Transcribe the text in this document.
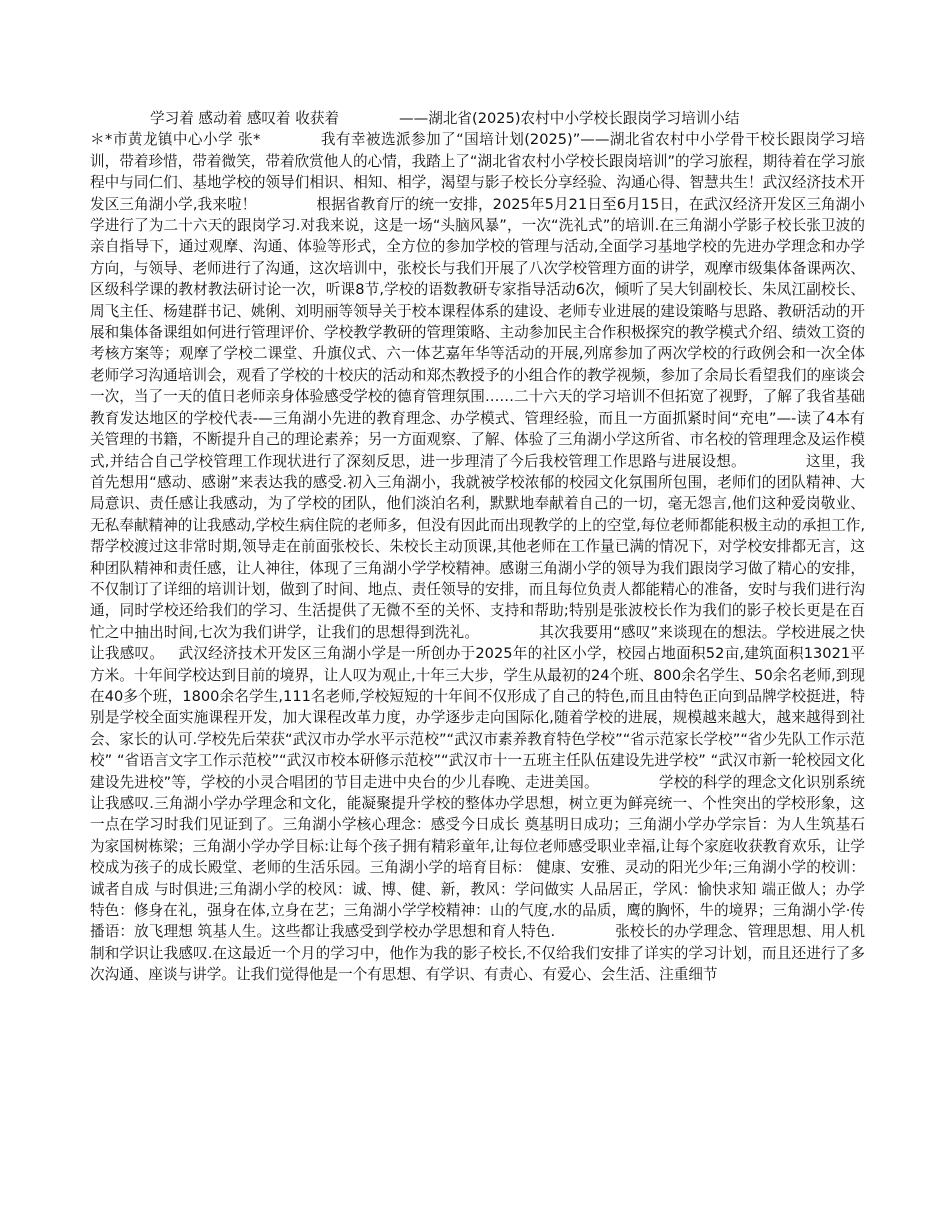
学习着 感动着 感叹着 收获着	——湖北省(2025)农村中小学校长跟岗学习培训小结
＊*市黄龙镇中心小学 张*	我有幸被选派参加了“国培计划(2025)”——湖北省农村中小学骨干校长跟岗学习培训，带着珍惜，带着微笑，带着欣赏他人的心情，我踏上了“湖北省农村小学校长跟岗培训”的学习旅程，期待着在学习旅程中与同仁们、基地学校的领导们相识、相知、相学，渴望与影子校长分享经验、沟通心得、智慧共生！武汉经济技术开发区三角湖小学,我来啦！	根据省教育厅的统一安排，2025年5月21日至6月15日，在武汉经济开发区三角湖小学进行了为二十六天的跟岗学习.对我来说，这是一场“头脑风暴”，一次“洗礼式”的培训.在三角湖小学影子校长张卫波的亲自指导下，通过观摩、沟通、体验等形式，全方位的参加学校的管理与活动,全面学习基地学校的先进办学理念和办学方向，与领导、老师进行了沟通，这次培训中，张校长与我们开展了八次学校管理方面的讲学，观摩市级集体备课两次、区级科学课的教材教法研讨论一次，听课8节,学校的语数教研专家指导活动6次，倾听了吴大钊副校长、朱凤江副校长、周飞主任、杨建群书记、姚俐、刘明丽等领导关于校本课程体系的建设、老师专业进展的建设策略与思路、教研活动的开展和集体备课组如何进行管理评价、学校教学教研的管理策略、主动参加民主合作积极探究的教学模式介绍、绩效工资的考核方案等；观摩了学校二课堂、升旗仪式、六一体艺嘉年华等活动的开展,列席参加了两次学校的行政例会和一次全体老师学习沟通培训会，观看了学校的十校庆的活动和郑杰教授予的小组合作的教学视频，参加了余局长看望我们的座谈会一次，当了一天的值日老师亲身体验感受学校的德育管理氛围……二十六天的学习培训不但拓宽了视野，了解了我省基础教育发达地区的学校代表-—三角湖小先进的教育理念、办学模式、管理经验，而且一方面抓紧时间“充电”—-读了4本有关管理的书籍，不断提升自己的理论素养；另一方面观察、了解、体验了三角湖小学这所省、市名校的管理理念及运作模式,并结合自己学校管理工作现状进行了深刻反思，进一步理清了今后我校管理工作思路与进展设想。	这里，我首先想用“感动、感谢”来表达我的感受.初入三角湖小，我就被学校浓郁的校园文化氛围所包围，老师们的团队精神、大局意识、责任感让我感动，为了学校的团队，他们淡泊名利，默默地奉献着自己的一切，毫无怨言,他们这种爱岗敬业、无私奉献精神的让我感动,学校生病住院的老师多，但没有因此而出现教学的上的空堂,每位老师都能积极主动的承担工作,帮学校渡过这非常时期,领导走在前面张校长、朱校长主动顶课,其他老师在工作量已满的情况下，对学校安排都无言，这种团队精神和责任感，让人神往，体现了三角湖小学学校精神。感谢三角湖小学的领导为我们跟岗学习做了精心的安排，不仅制订了详细的培训计划，做到了时间、地点、责任领导的安排，而且每位负责人都能精心的准备，安时与我们进行沟通，同时学校还给我们的学习、生活提供了无微不至的关怀、支持和帮助;特别是张波校长作为我们的影子校长更是在百忙之中抽出时间,七次为我们讲学，让我们的思想得到洗礼。	其次我要用“感叹”来谈现在的想法。学校进展之快让我感叹。 武汉经济技术开发区三角湖小学是一所创办于2025年的社区小学，校园占地面积52亩,建筑面积13021平方米。十年间学校达到目前的境界，让人叹为观止,十年三大步，学生从最初的24个班、800余名学生、50余名老师,到现在40多个班，1800余名学生,111名老师,学校短短的十年间不仅形成了自己的特色,而且由特色正向到品牌学校挺进，特别是学校全面实施课程开发，加大课程改革力度，办学逐步走向国际化,随着学校的进展，规模越来越大，越来越得到社会、家长的认可.学校先后荣获“武汉市办学水平示范校”“武汉市素养教育特色学校”“省示范家长学校”“省少先队工作示范校” “省语言文字工作示范校”“武汉市校本研修示范校”“武汉市十一五班主任队伍建设先进学校” “武汉市新一轮校园文化建设先进校”等，学校的小灵合唱团的节目走进中央台的少儿春晚、走进美国。	学校的科学的理念文化识别系统让我感叹.三角湖小学办学理念和文化，能凝聚提升学校的整体办学思想，树立更为鲜亮统一、个性突出的学校形象，这一点在学习时我们见证到了。三角湖小学核心理念：感受今日成长 奠基明日成功；三角湖小学办学宗旨：为人生筑基石 为家国树栋梁；三角湖小学办学目标:让每个孩子拥有精彩童年,让每位老师感受职业幸福,让每个家庭收获教育欢乐，让学校成为孩子的成长殿堂、老师的生活乐园。三角湖小学的培育目标： 健康、安雅、灵动的阳光少年;三角湖小学的校训：诚者自成 与时俱进;三角湖小学的校风：诚、博、健、新，教风：学问做实 人品居正，学风：愉快求知 端正做人；办学特色：修身在礼，强身在体,立身在艺；三角湖小学学校精神：山的气度,水的品质，鹰的胸怀，牛的境界；三角湖小学·传播语：放飞理想 筑基人生。这些都让我感受到学校办学思想和育人特色.	张校长的办学理念、管理思想、用人机制和学识让我感叹.在这最近一个月的学习中，他作为我的影子校长,不仅给我们安排了详实的学习计划，而且还进行了多次沟通、座谈与讲学。让我们觉得他是一个有思想、有学识、有责心、有爱心、会生活、注重细节
